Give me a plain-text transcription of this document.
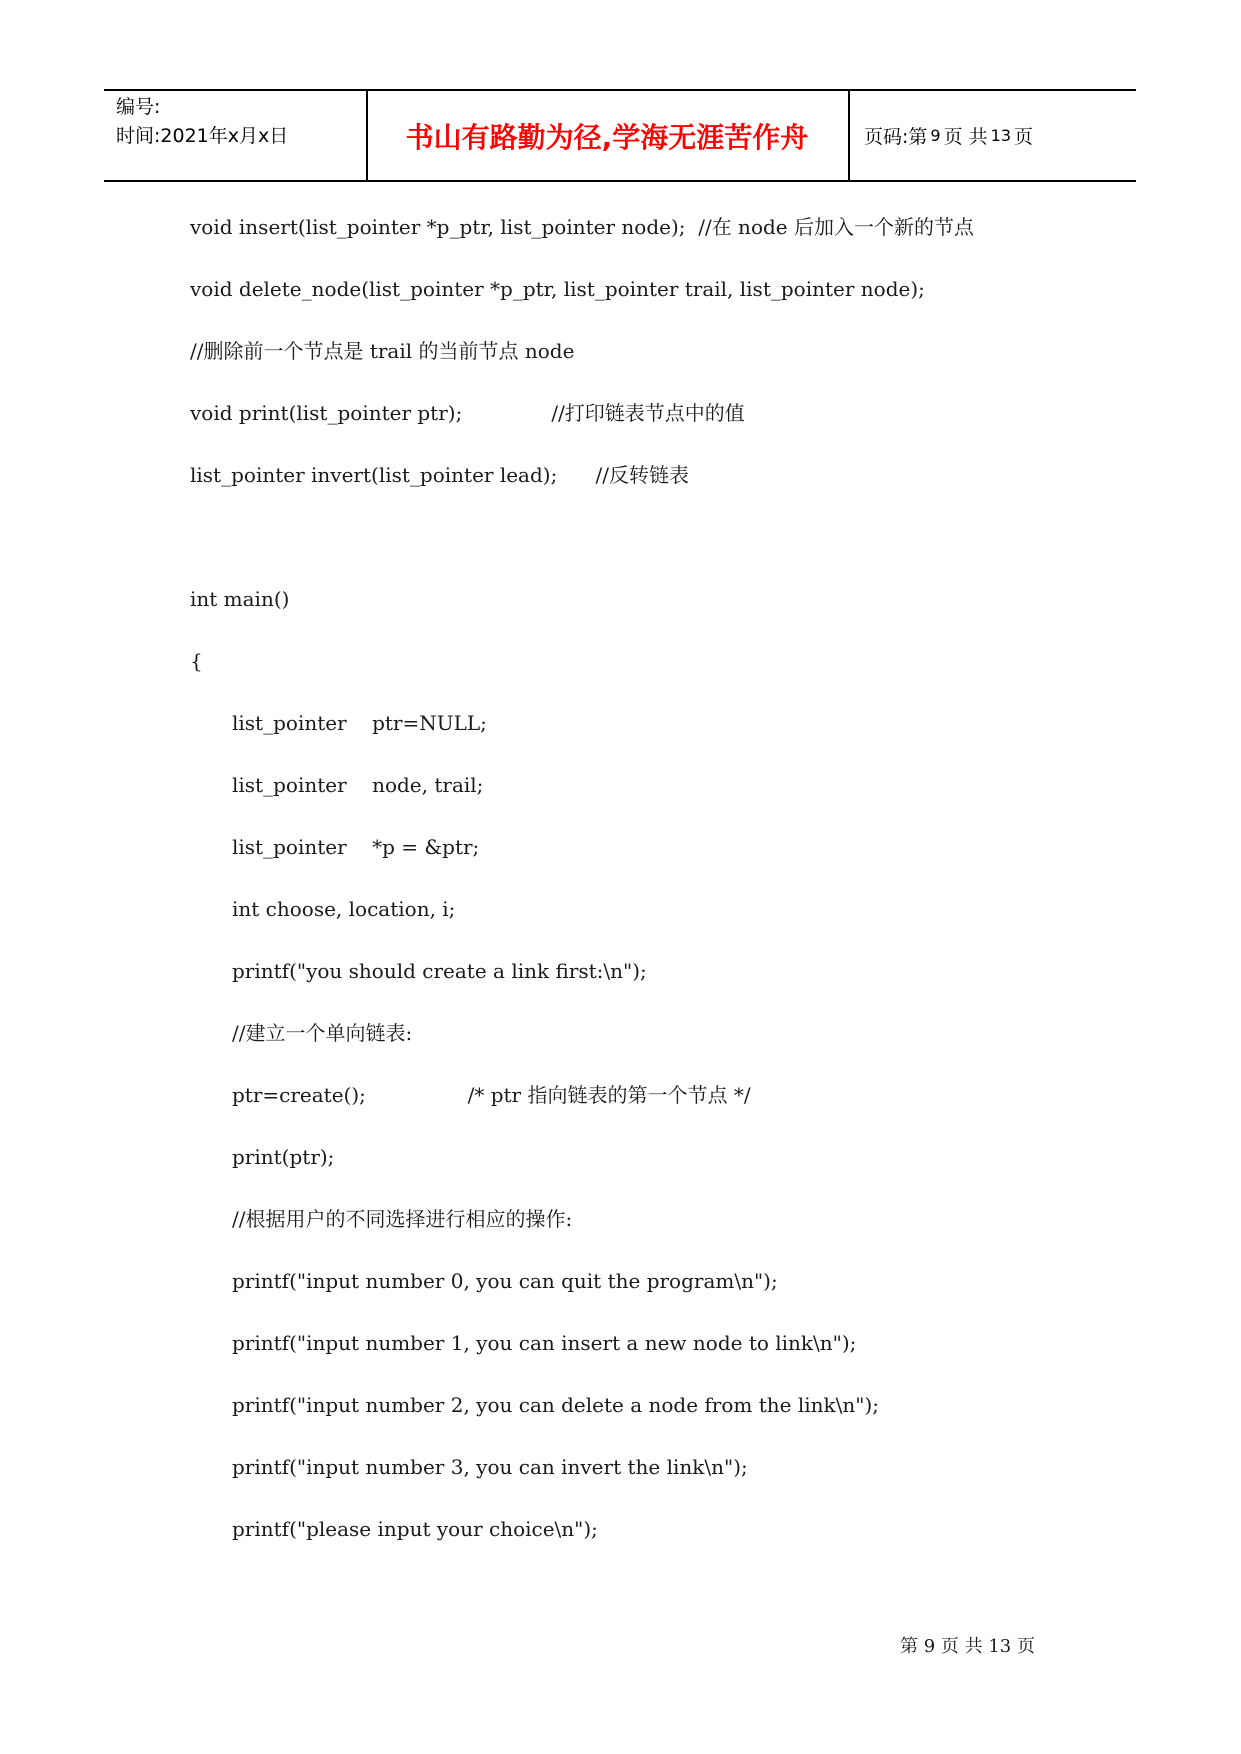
编号:
时间:2021年x月x日	书山有路勤为径,学海无涯苦作舟	页码:第 9 页 共 13 页
void insert(list_pointer *p_ptr, list_pointer node);  //在 node 后加入一个新的节点
void delete_node(list_pointer *p_ptr, list_pointer trail, list_pointer node);
//删除前一个节点是 trail 的当前节点 node
void print(list_pointer ptr);              //打印链表节点中的值
list_pointer invert(list_pointer lead);      //反转链表
int main()
{
list_pointer    ptr=NULL;
list_pointer    node, trail;
list_pointer    *p = &ptr;
int choose, location, i;
printf("you should create a link first:\n");
//建立一个单向链表:
ptr=create();                /* ptr 指向链表的第一个节点 */
print(ptr);
//根据用户的不同选择进行相应的操作:
printf("input number 0, you can quit the program\n");
printf("input number 1, you can insert a new node to link\n");
printf("input number 2, you can delete a node from the link\n");
printf("input number 3, you can invert the link\n");
printf("please input your choice\n");
第 9 页 共 13 页
